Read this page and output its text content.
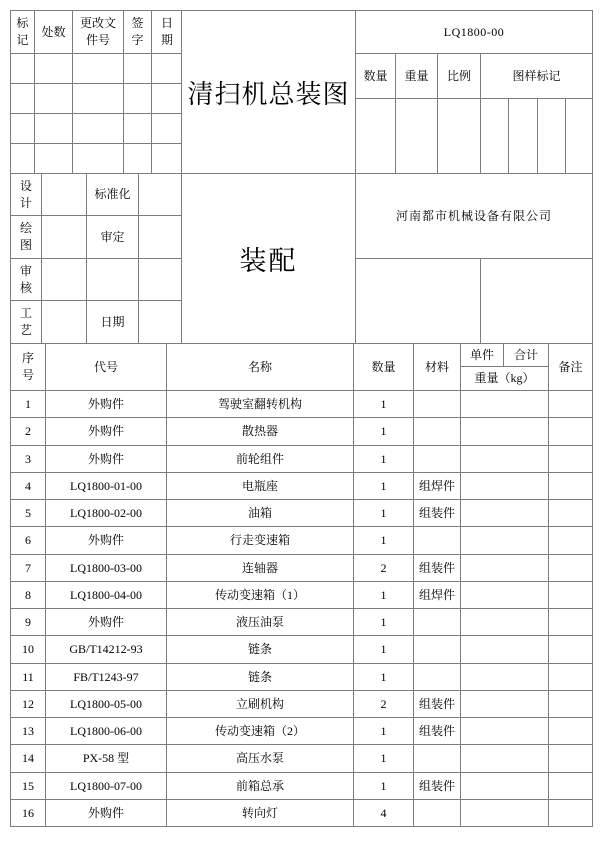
标记	处数	更改文件号	签字	日期

清扫机总装图
LQ1800-00						
数量	重量	比例	图样标记			

设计		标准化	
绘图		审定	
审核			
工艺		日期	
装配
河南都市机械设备有限公司

序号	代号	名称	数量	材料	单件	合计	备注
					重量（kg）		
1	外购件	驾驶室翻转机构	1				
2	外购件	散热器	1				
3	外购件	前轮组件	1				
4	LQ1800-01-00	电瓶座	1	组焊件			
5	LQ1800-02-00	油箱	1	组装件			
6	外购件	行走变速箱	1				
7	LQ1800-03-00	连轴器	2	组装件			
8	LQ1800-04-00	传动变速箱（1）	1	组焊件			
9	外购件	液压油泵	1				
10	GB/T14212-93	链条	1				
11	FB/T1243-97	链条	1				
12	LQ1800-05-00	立刷机构	2	组装件			
13	LQ1800-06-00	传动变速箱（2）	1	组装件			
14	PX-58 型	高压水泵	1				
15	LQ1800-07-00	前箱总承	1	组装件			
16	外购件	转向灯	4				
